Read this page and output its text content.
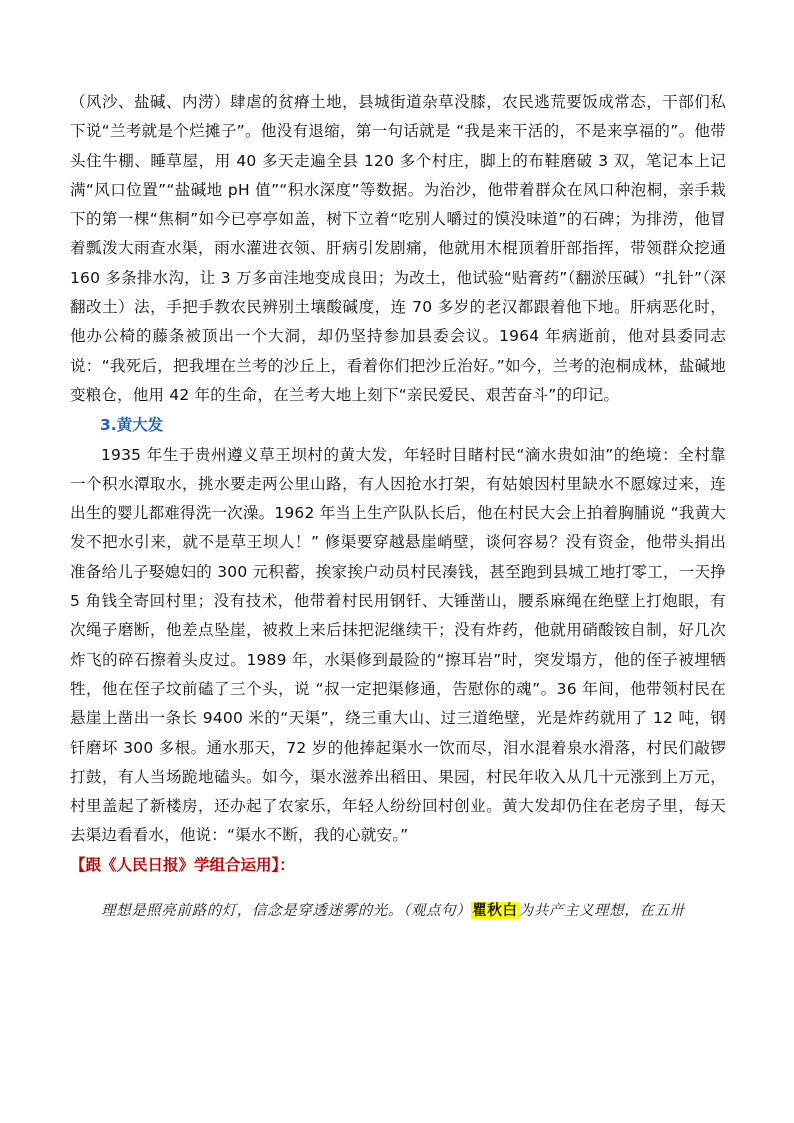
（风沙、盐碱、内涝）肆虐的贫瘠土地，县城街道杂草没膝，农民逃荒要饭成常态，干部们私下说“兰考就是个烂摊子”。他没有退缩，第一句话就是 “我是来干活的，不是来享福的”。他带头住牛棚、睡草屋，用 40 多天走遍全县 120 多个村庄，脚上的布鞋磨破 3 双，笔记本上记满“风口位置”“盐碱地 pH 值”“积水深度”等数据。为治沙，他带着群众在风口种泡桐，亲手栽下的第一棵“焦桐”如今已亭亭如盖，树下立着“吃别人嚼过的馍没味道”的石碑；为排涝，他冒着瓢泼大雨查水渠，雨水灌进衣领、肝病引发剧痛，他就用木棍顶着肝部指挥，带领群众挖通 160 多条排水沟，让 3 万多亩洼地变成良田；为改土，他试验“贴膏药”（翻淤压碱）“扎针”（深翻改土）法，手把手教农民辨别土壤酸碱度，连 70 多岁的老汉都跟着他下地。肝病恶化时，他办公椅的藤条被顶出一个大洞，却仍坚持参加县委会议。1964 年病逝前，他对县委同志说：“我死后，把我埋在兰考的沙丘上，看着你们把沙丘治好。”如今，兰考的泡桐成林，盐碱地变粮仓，他用 42 年的生命，在兰考大地上刻下“亲民爱民、艰苦奋斗”的印记。

3.黄大发

1935 年生于贵州遵义草王坝村的黄大发，年轻时目睹村民“滴水贵如油”的绝境：全村靠一个积水潭取水，挑水要走两公里山路，有人因抢水打架，有姑娘因村里缺水不愿嫁过来，连出生的婴儿都难得洗一次澡。1962 年当上生产队队长后，他在村民大会上拍着胸脯说 “我黄大发不把水引来，就不是草王坝人！” 修渠要穿越悬崖峭壁，谈何容易？没有资金，他带头捐出准备给儿子娶媳妇的 300 元积蓄，挨家挨户动员村民凑钱，甚至跑到县城工地打零工，一天挣 5 角钱全寄回村里；没有技术，他带着村民用钢钎、大锤凿山，腰系麻绳在绝壁上打炮眼，有次绳子磨断，他差点坠崖，被救上来后抹把泥继续干；没有炸药，他就用硝酸铵自制，好几次炸飞的碎石擦着头皮过。1989 年，水渠修到最险的“擦耳岩”时，突发塌方，他的侄子被埋牺牲，他在侄子坟前磕了三个头，说 “叔一定把渠修通，告慰你的魂”。36 年间，他带领村民在悬崖上凿出一条长 9400 米的“天渠”，绕三重大山、过三道绝壁，光是炸药就用了 12 吨，钢钎磨坏 300 多根。通水那天，72 岁的他捧起渠水一饮而尽，泪水混着泉水滑落，村民们敲锣打鼓，有人当场跪地磕头。如今，渠水滋养出稻田、果园，村民年收入从几十元涨到上万元，村里盖起了新楼房，还办起了农家乐，年轻人纷纷回村创业。黄大发却仍住在老房子里，每天去渠边看看水，他说：“渠水不断，我的心就安。”

【跟《人民日报》学组合运用】：

理想是照亮前路的灯，信念是穿透迷雾的光。（观点句）瞿秋白为共产主义理想，在五卅
